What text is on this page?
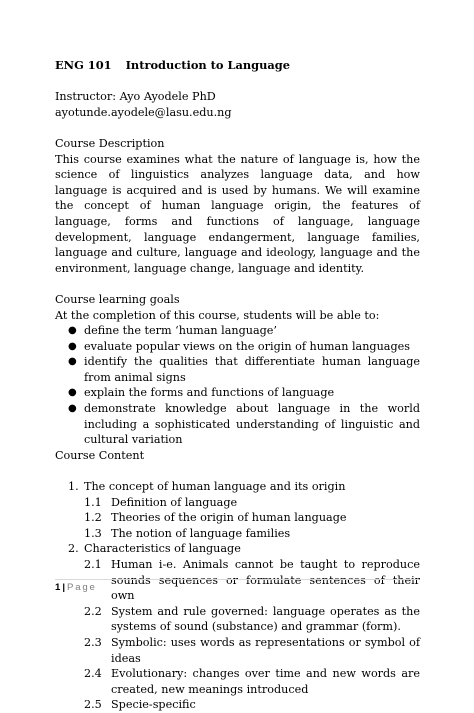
ENG 101 Introduction to Language

Instructor: Ayo Ayodele PhD

ayotunde.ayodele@lasu.edu.ng

Course Description

This course examines what the nature of language is, how the science of linguistics analyzes language data, and how language is acquired and is used by humans. We will examine the concept of human language origin, the features of language, forms and functions of language, language development, language endangerment, language families, language and culture, language and ideology, language and the environment, language change, language and identity.

Course learning goals

At the completion of this course, students will be able to:

● define the term ‘human language’
● evaluate popular views on the origin of human languages
● identify the qualities that differentiate human language from animal signs
● explain the forms and functions of language
● demonstrate knowledge about language in the world including a sophisticated understanding of linguistic and cultural variation

Course Content

1. The concept of human language and its origin
1.1 Definition of language
1.2 Theories of the origin of human language
1.3 The notion of language families
2. Characteristics of language
2.1 Human i-e. Animals cannot be taught to reproduce sounds sequences or formulate sentences of their own
2.2 System and rule governed: language operates as the systems of sound (substance) and grammar (form).
2.3 Symbolic: uses words as representations or symbol of ideas
2.4 Evolutionary: changes over time and new words are created, new meanings introduced
2.5 Specie-specific
1 | Page
